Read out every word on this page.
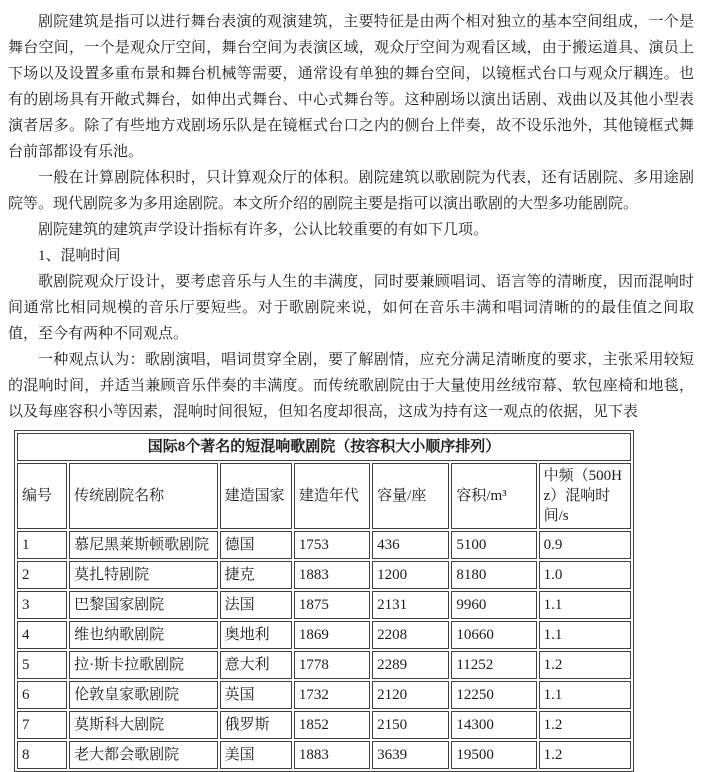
剧院建筑是指可以进行舞台表演的观演建筑，主要特征是由两个相对独立的基本空间组成，一个是舞台空间，一个是观众厅空间，舞台空间为表演区域，观众厅空间为观看区域，由于搬运道具、演员上下场以及设置多重布景和舞台机械等需要，通常设有单独的舞台空间，以镜框式台口与观众厅耦连。也有的剧场具有开敞式舞台，如伸出式舞台、中心式舞台等。这种剧场以演出话剧、戏曲以及其他小型表演者居多。除了有些地方戏剧场乐队是在镜框式台口之内的侧台上伴奏，故不设乐池外，其他镜框式舞台前部都设有乐池。

一般在计算剧院体积时，只计算观众厅的体积。剧院建筑以歌剧院为代表，还有话剧院、多用途剧院等。现代剧院多为多用途剧院。本文所介绍的剧院主要是指可以演出歌剧的大型多功能剧院。

剧院建筑的建筑声学设计指标有许多，公认比较重要的有如下几项。

1、混响时间

歌剧院观众厅设计，要考虑音乐与人生的丰满度，同时要兼顾唱词、语言等的清晰度，因而混响时间通常比相同规模的音乐厅要短些。对于歌剧院来说，如何在音乐丰满和唱词清晰的的最佳值之间取值，至今有两种不同观点。

一种观点认为：歌剧演唱，唱词贯穿全剧，要了解剧情，应充分满足清晰度的要求，主张采用较短的混响时间，并适当兼顾音乐伴奏的丰满度。而传统歌剧院由于大量使用丝绒帘幕、软包座椅和地毯，以及每座容积小等因素，混响时间很短，但知名度却很高，这成为持有这一观点的依据，见下表

国际8个著名的短混响歌剧院（按容积大小顺序排列）						
编号	传统剧院名称	建造国家	建造年代	容量/座	容积/m³	中频（500Hz）混响时间/s
1	慕尼黑莱斯顿歌剧院	德国	1753	436	5100	0.9
2	莫扎特剧院	捷克	1883	1200	8180	1.0
3	巴黎国家剧院	法国	1875	2131	9960	1.1
4	维也纳歌剧院	奥地利	1869	2208	10660	1.1
5	拉·斯卡拉歌剧院	意大利	1778	2289	11252	1.2
6	伦敦皇家歌剧院	英国	1732	2120	12250	1.1
7	莫斯科大剧院	俄罗斯	1852	2150	14300	1.2
8	老大都会歌剧院	美国	1883	3639	19500	1.2
